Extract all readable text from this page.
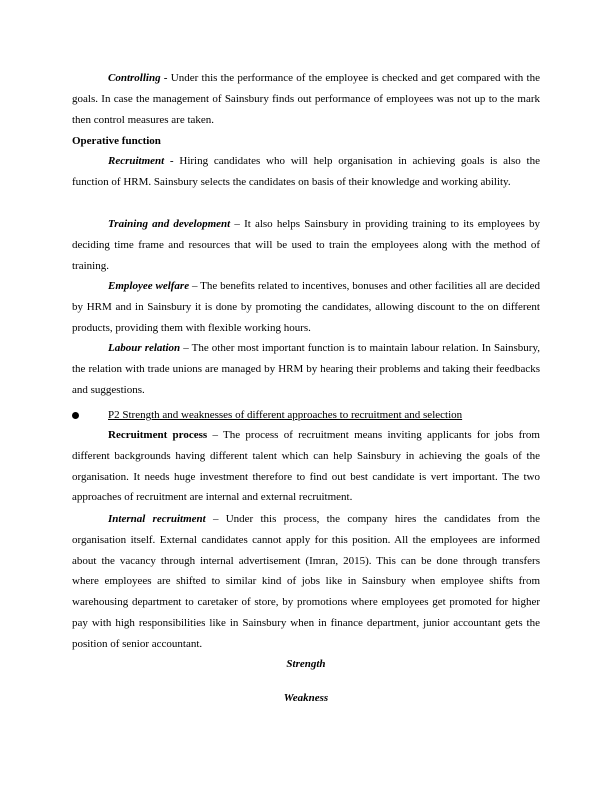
Controlling - Under this the performance of the employee is checked and get compared with the goals. In case the management of Sainsbury finds out performance of employees was not up to the mark then control measures are taken.

Operative function

Recruitment - Hiring candidates who will help organisation in achieving goals is also the function of HRM. Sainsbury selects the candidates on basis of their knowledge and working ability.

Training and development – It also helps Sainsbury in providing training to its employees by deciding time frame and resources that will be used to train the employees along with the method of training.

Employee welfare – The benefits related to incentives, bonuses and other facilities all are decided by HRM and in Sainsbury it is done by promoting the candidates, allowing discount to the on different products, providing them with flexible working hours.

Labour relation – The other most important function is to maintain labour relation. In Sainsbury, the relation with trade unions are managed by HRM by hearing their problems and taking their feedbacks and suggestions.

P2 Strength and weaknesses of different approaches to recruitment and selection

Recruitment process – The process of recruitment means inviting applicants for jobs from different backgrounds having different talent which can help Sainsbury in achieving the goals of the organisation. It needs huge investment therefore to find out best candidate is vert important. The two approaches of recruitment are internal and external recruitment.

Internal recruitment – Under this process, the company hires the candidates from the organisation itself. External candidates cannot apply for this position. All the employees are informed about the vacancy through internal advertisement (Imran, 2015). This can be done through transfers where employees are shifted to similar kind of jobs like in Sainsbury when employee shifts from warehousing department to caretaker of store, by promotions where employees get promoted for higher pay with high responsibilities like in Sainsbury when in finance department, junior accountant gets the position of senior accountant.

Strength

Weakness
